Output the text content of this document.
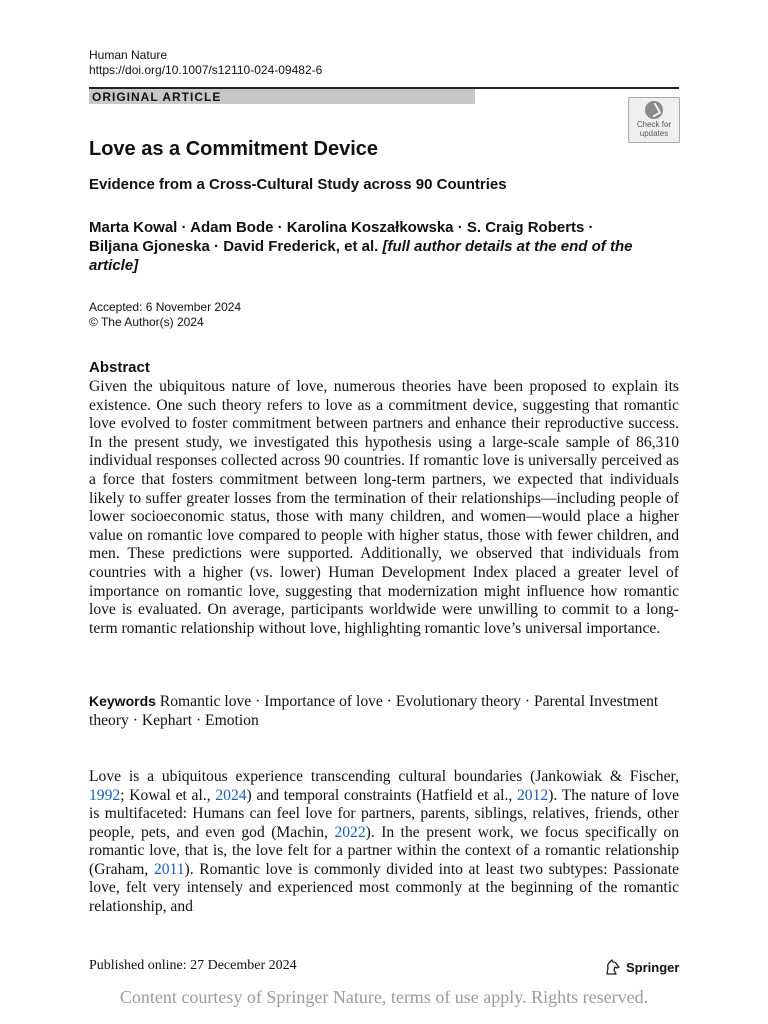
Human Nature
https://doi.org/10.1007/s12110-024-09482-6
ORIGINAL ARTICLE
Check for
updates
Love as a Commitment Device
Evidence from a Cross-Cultural Study across 90 Countries
Marta Kowal · Adam Bode · Karolina Koszałkowska · S. Craig Roberts ·
Biljana Gjoneska · David Frederick, et al. [full author details at the end of the article]
Accepted: 6 November 2024
© The Author(s) 2024
Abstract

Given the ubiquitous nature of love, numerous theories have been proposed to explain its existence. One such theory refers to love as a commitment device, suggesting that romantic love evolved to foster commitment between partners and enhance their reproductive success. In the present study, we investigated this hypothesis using a large-scale sample of 86,310 individual responses collected across 90 countries. If romantic love is universally perceived as a force that fosters commitment between long-term partners, we expected that individuals likely to suffer greater losses from the termination of their relationships—including people of lower socioeconomic status, those with many children, and women—would place a higher value on romantic love compared to people with higher status, those with fewer children, and men. These predictions were supported. Additionally, we observed that individuals from countries with a higher (vs. lower) Human Development Index placed a greater level of importance on romantic love, suggesting that modernization might influence how romantic love is evaluated. On average, participants worldwide were unwilling to commit to a long-term romantic relationship without love, highlighting romantic love’s universal importance.

Keywords Romantic love · Importance of love · Evolutionary theory · Parental Investment theory · Kephart · Emotion

Love is a ubiquitous experience transcending cultural boundaries (Jankowiak & Fischer, 1992; Kowal et al., 2024) and temporal constraints (Hatfield et al., 2012). The nature of love is multifaceted: Humans can feel love for partners, parents, siblings, relatives, friends, other people, pets, and even god (Machin, 2022). In the present work, we focus specifically on romantic love, that is, the love felt for a partner within the context of a romantic relationship (Graham, 2011). Romantic love is commonly divided into at least two subtypes: Passionate love, felt very intensely and experienced most commonly at the beginning of the romantic relationship, and

Published online: 27 December 2024	Springer
Content courtesy of Springer Nature, terms of use apply. Rights reserved.
